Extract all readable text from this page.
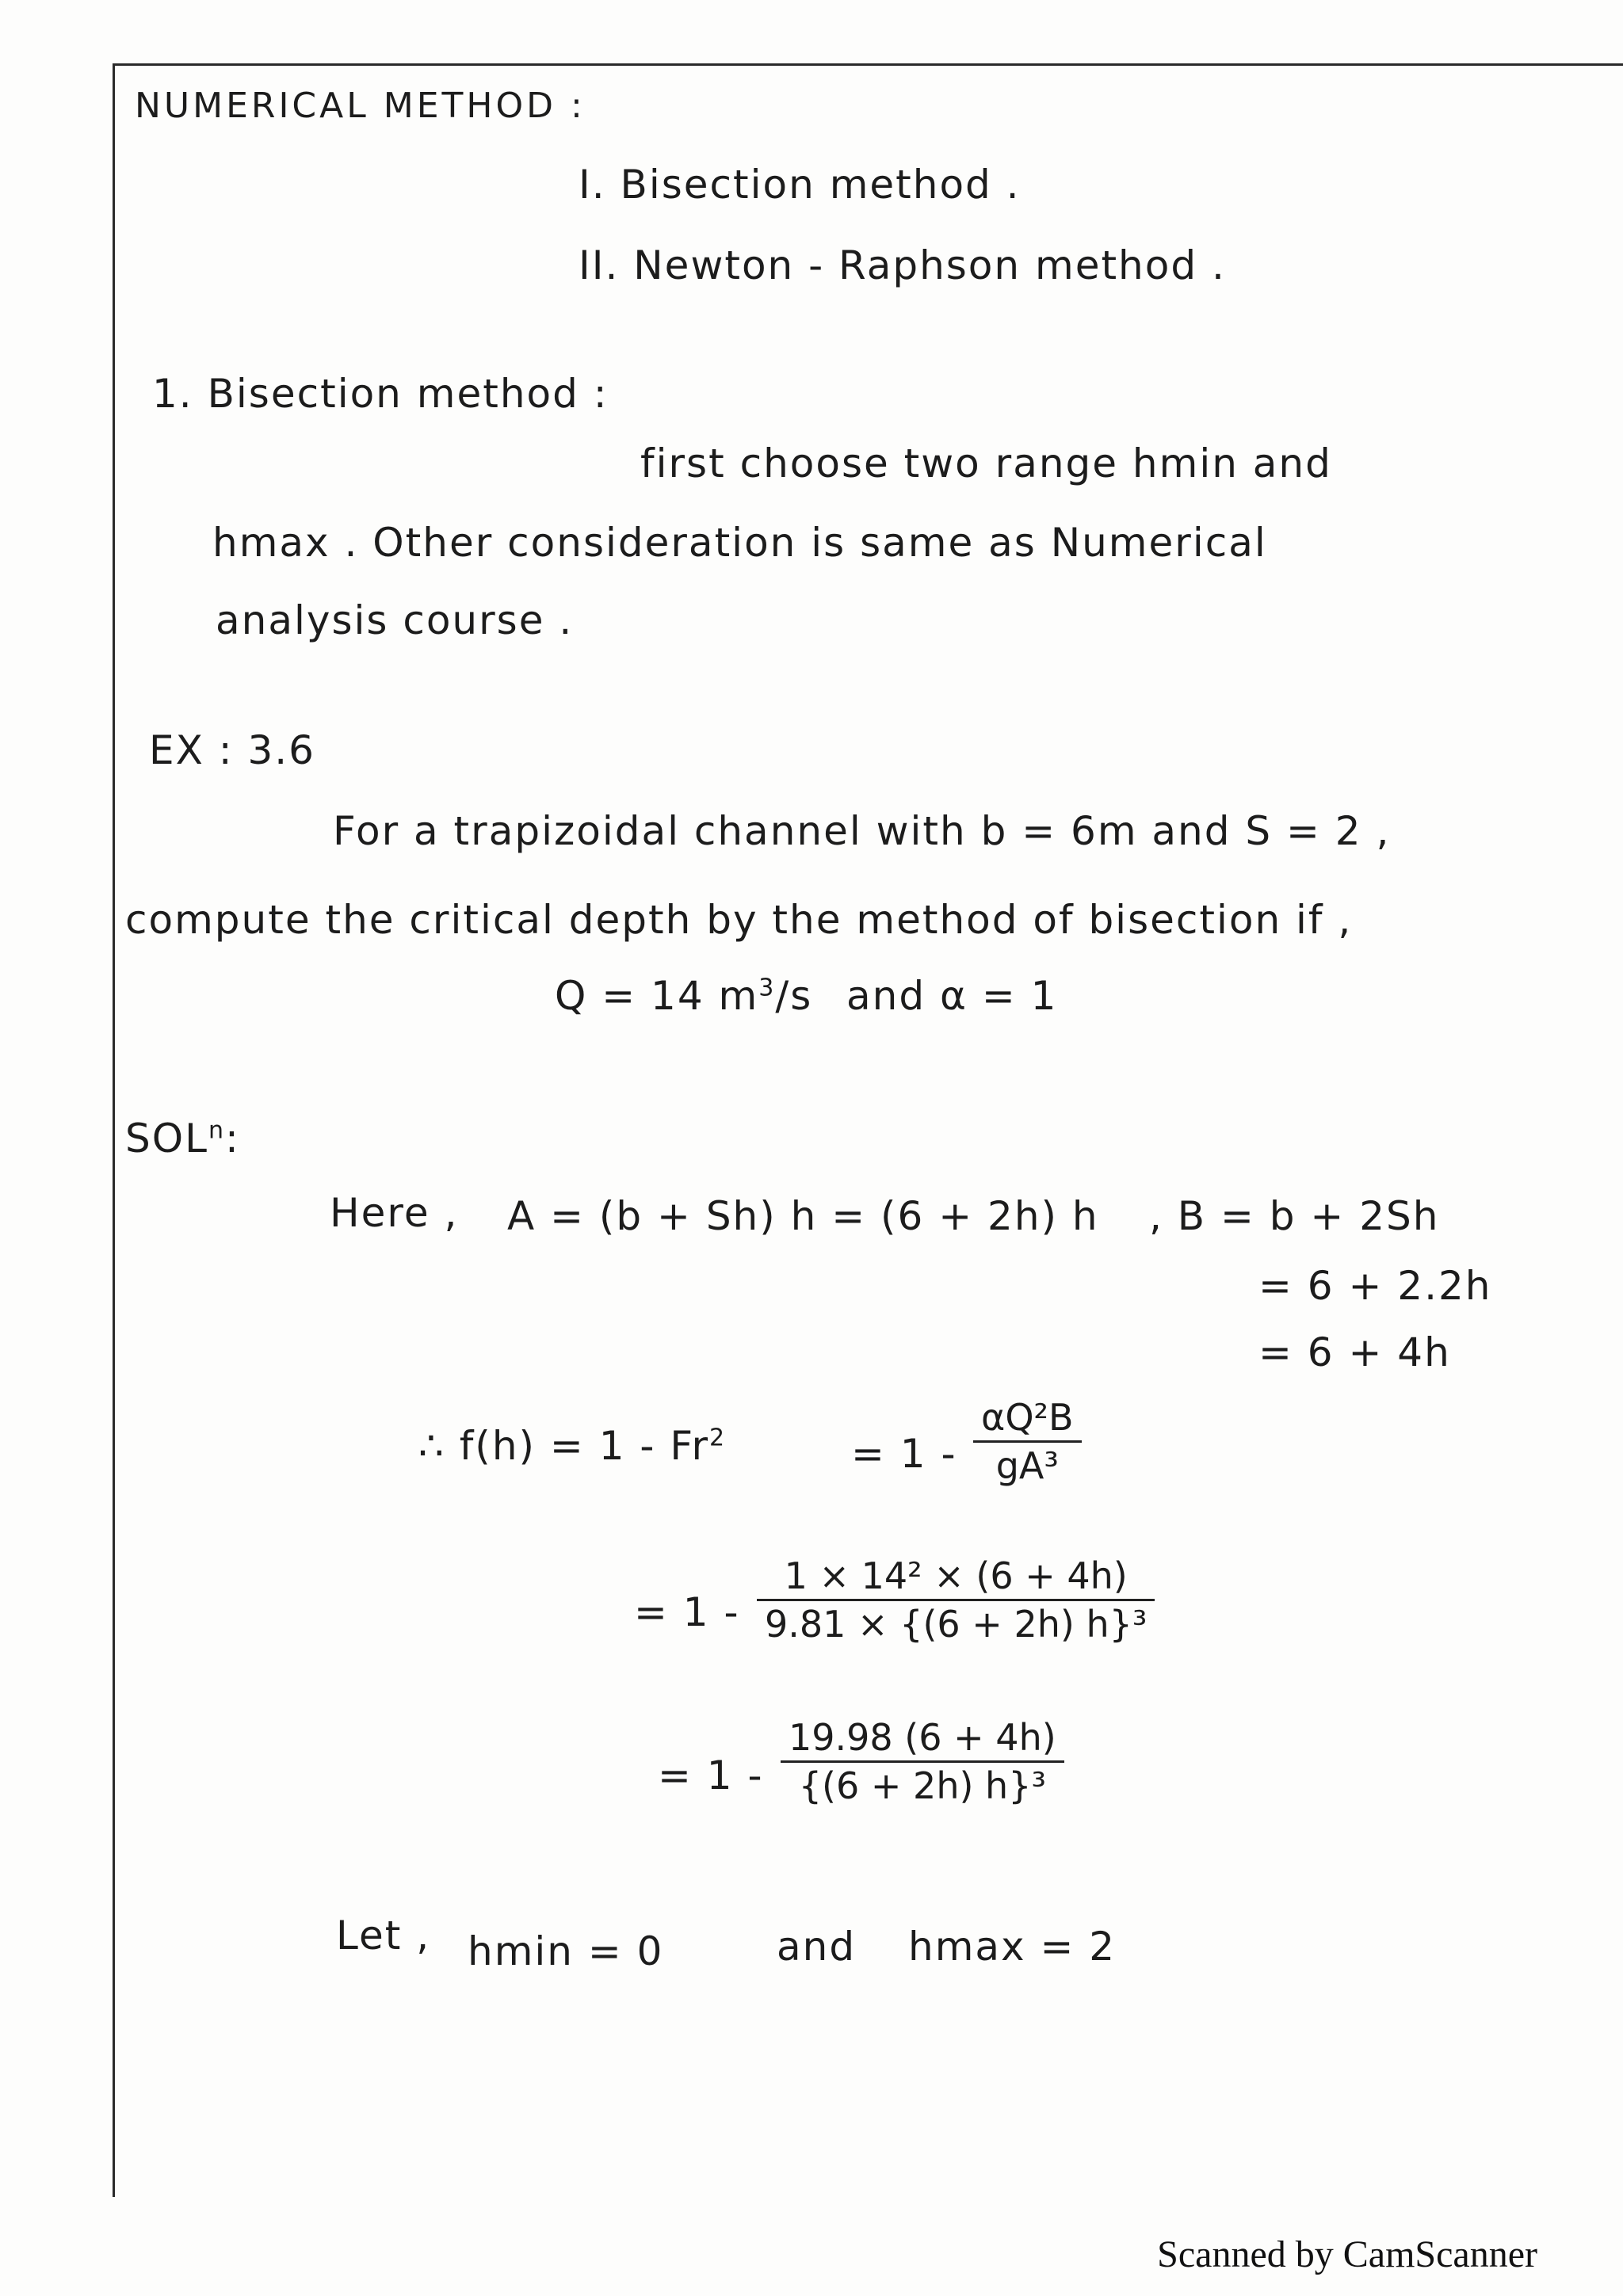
NUMERICAL METHOD :
I. Bisection method .
II. Newton - Raphson method .
1. Bisection method :
first choose two range hmin and
hmax . Other consideration is same as Numerical
analysis course .
EX : 3.6
For a trapizoidal channel with b = 6m and S = 2 ,
compute the critical depth by the method of bisection if ,
Q = 14 $m^3/s$ and α = 1
SOL$^n$:
Here , A = (b + Sh) h = (6 + 2h) h , B = b + 2Sh
= 6 + 2.2h
= 6 + 4h
∴ $f(h) = 1 - Fr^2$	= 1 -
αQ²B
gA³
= 1 -
1 × 14² × (6 + 4h)
9.81 × {(6 + 2h) h}³
= 1 -
19.98 (6 + 4h)
{(6 + 2h) h}³
Let , hmin = 0	and hmax = 2
Scanned by CamScanner
